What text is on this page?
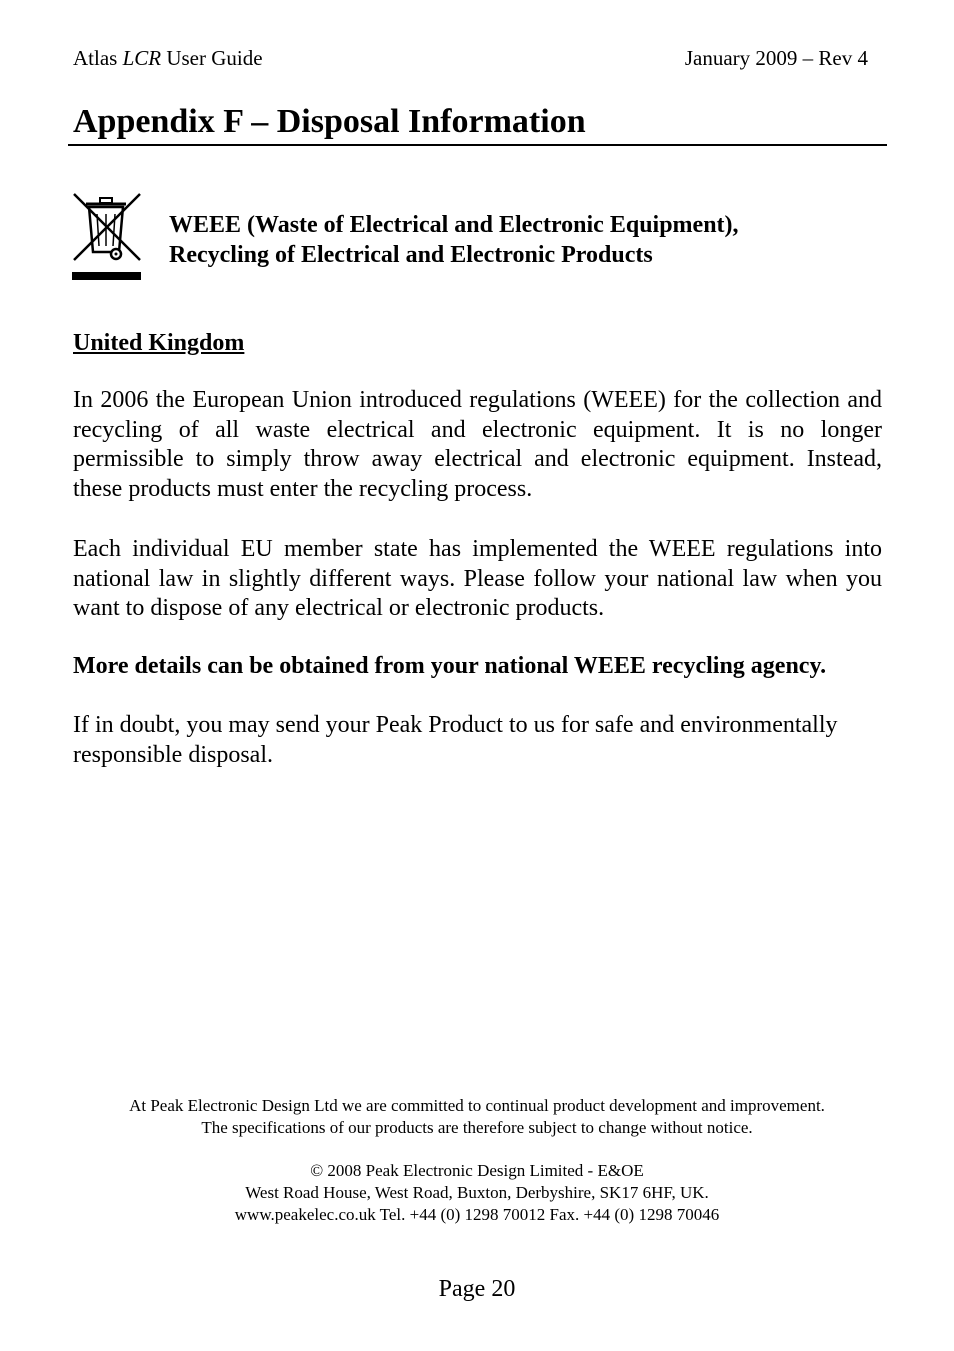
Atlas LCR User Guide	January 2009 – Rev 4
Appendix F – Disposal Information
WEEE (Waste of Electrical and Electronic Equipment),
Recycling of Electrical and Electronic Products
United Kingdom
In 2006 the European Union introduced regulations (WEEE) for the collection and recycling of all waste electrical and electronic equipment. It is no longer permissible to simply throw away electrical and electronic equipment. Instead, these products must enter the recycling process.
Each individual EU member state has implemented the WEEE regulations into national law in slightly different ways. Please follow your national law when you want to dispose of any electrical or electronic products.
More details can be obtained from your national WEEE recycling agency.
If in doubt, you may send your Peak Product to us for safe and environmentally responsible disposal.
At Peak Electronic Design Ltd we are committed to continual product development and improvement.
The specifications of our products are therefore subject to change without notice.
© 2008 Peak Electronic Design Limited - E&OE
West Road House, West Road, Buxton, Derbyshire, SK17 6HF, UK.
www.peakelec.co.uk Tel. +44 (0) 1298 70012 Fax. +44 (0) 1298 70046
Page 20
